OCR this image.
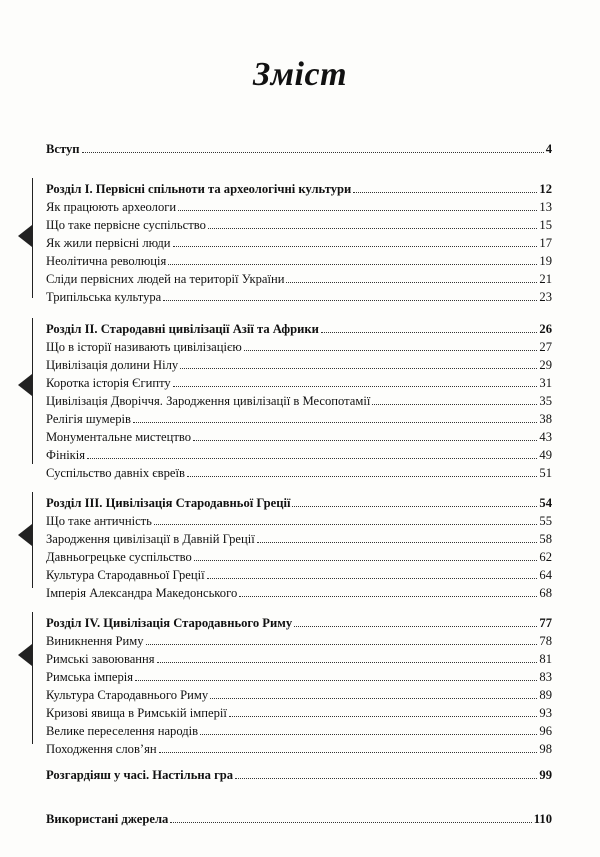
Зміст
Вступ	4
Розділ І. Первісні спільноти та археологічні культури	12
Як працюють археологи	13
Що таке первісне суспільство	15
Як жили первісні люди	17
Неолітична революція	19
Сліди первісних людей на території України	21
Трипільська культура	23
Розділ ІІ. Стародавні цивілізації Азії та Африки	26
Що в історії називають цивілізацією	27
Цивілізація долини Нілу	29
Коротка історія Єгипту	31
Цивілізація Дворіччя. Зародження цивілізації в Месопотамії	35
Релігія шумерів	38
Монументальне мистецтво	43
Фінікія	49
Суспільство давніх євреїв	51
Розділ ІІІ. Цивілізація Стародавньої Греції	54
Що таке античність	55
Зародження цивілізації в Давній Греції	58
Давньогрецьке суспільство	62
Культура Стародавньої Греції	64
Імперія Александра Македонського	68
Розділ IV. Цивілізація Стародавнього Риму	77
Виникнення Риму	78
Римські завоювання	81
Римська імперія	83
Культура Стародавнього Риму	89
Кризові явища в Римській імперії	93
Велике переселення народів	96
Походження слов’ян	98
Розгардіяш у часі. Настільна гра	99
Використані джерела	110
